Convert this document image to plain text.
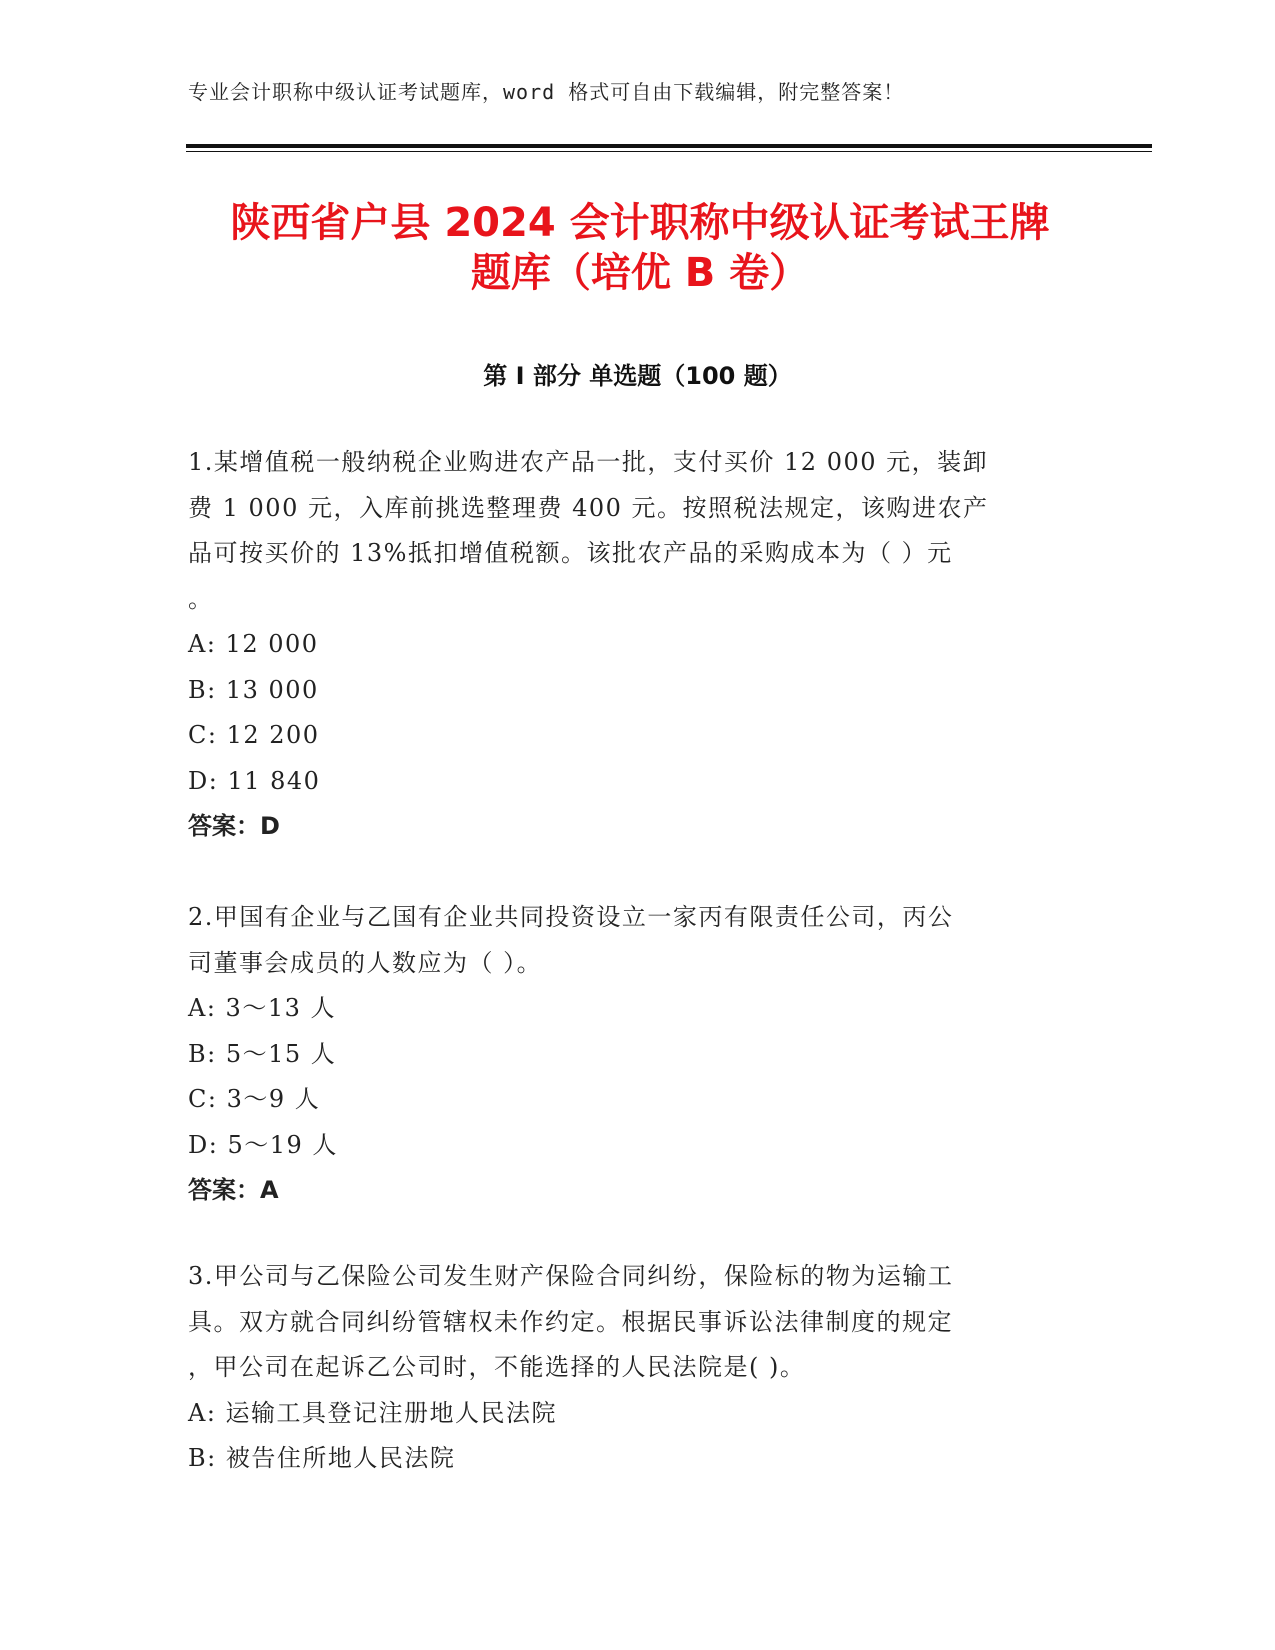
专业会计职称中级认证考试题库，word 格式可自由下载编辑，附完整答案！
陕西省户县 2024 会计职称中级认证考试王牌
题库（培优 B 卷）
第 I 部分 单选题（100 题）
1.某增值税一般纳税企业购进农产品一批，支付买价 12 000 元，装卸
费 1 000 元，入库前挑选整理费 400 元。按照税法规定，该购进农产
品可按买价的 13%抵扣增值税额。该批农产品的采购成本为（ ）元
。
A: 12 000
B: 13 000
C: 12 200
D: 11 840
答案：D
2.甲国有企业与乙国有企业共同投资设立一家丙有限责任公司，丙公
司董事会成员的人数应为（ ）。
A: 3～13 人
B: 5～15 人
C: 3～9 人
D: 5～19 人
答案：A
3.甲公司与乙保险公司发生财产保险合同纠纷，保险标的物为运输工
具。双方就合同纠纷管辖权未作约定。根据民事诉讼法律制度的规定
，甲公司在起诉乙公司时，不能选择的人民法院是( )。
A: 运输工具登记注册地人民法院
B: 被告住所地人民法院
